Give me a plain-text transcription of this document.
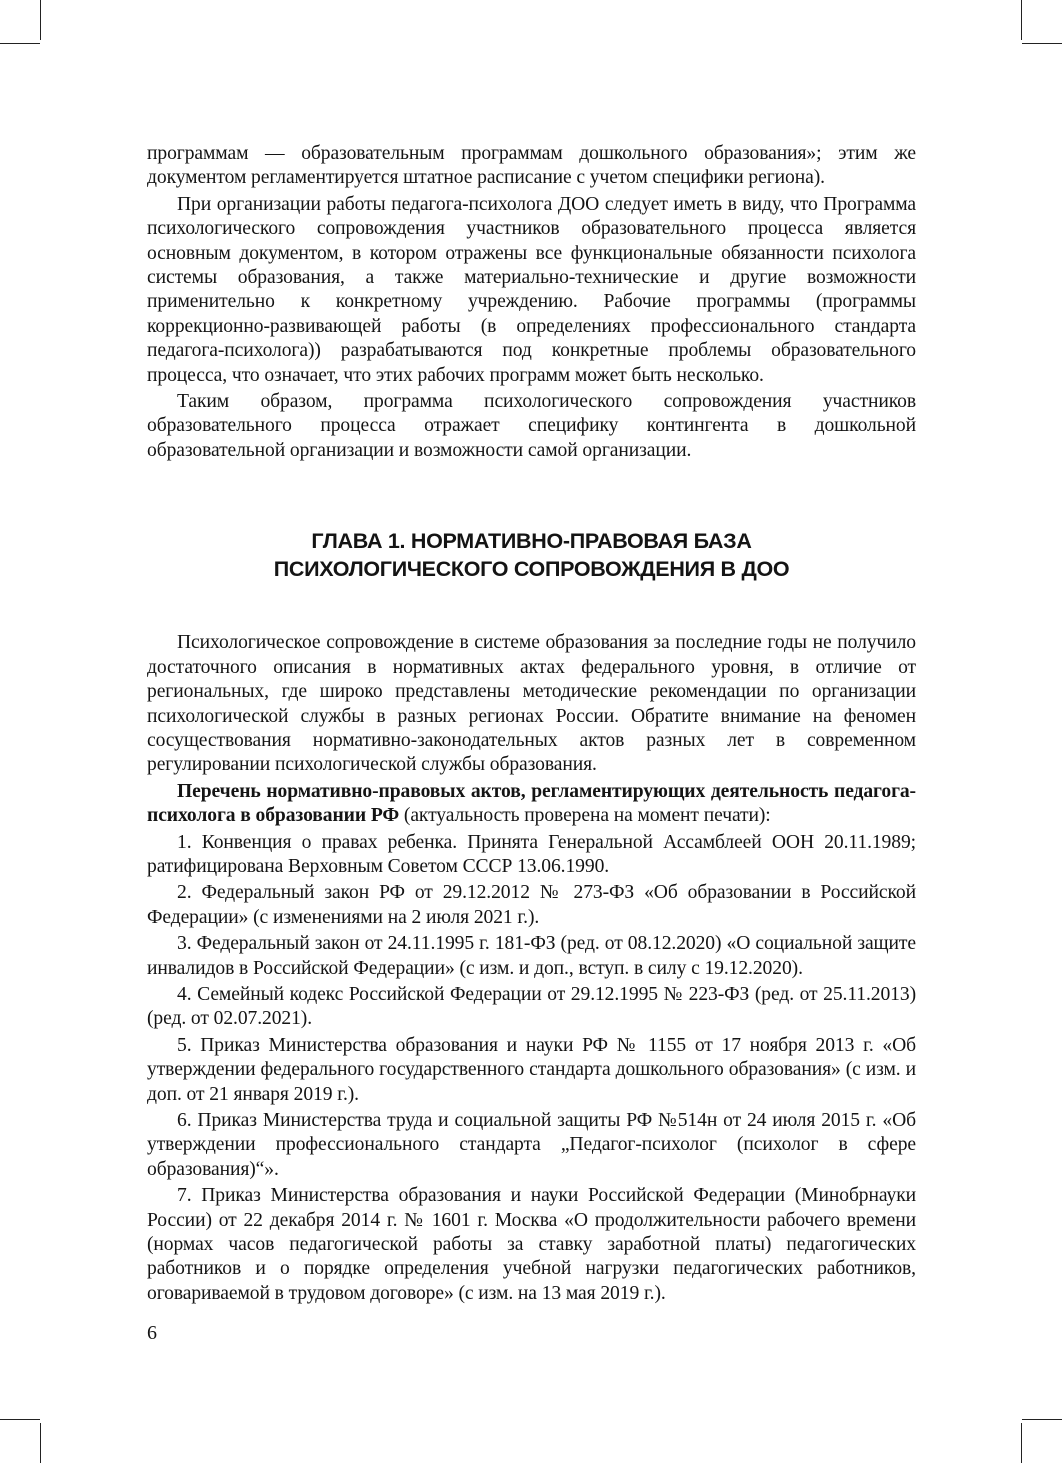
программам — образовательным программам дошкольного образования»; этим же документом регламентируется штатное расписание с учетом специфики региона).

При организации работы педагога-психолога ДОО следует иметь в виду, что Программа психологического сопровождения участников образовательного процесса является основным документом, в котором отражены все функциональные обязанности психолога системы образования, а также материально-технические и другие возможности применительно к конкретному учреждению. Рабочие программы (программы коррекционно-развивающей работы (в определениях профессионального стандарта педагога-психолога)) разрабатываются под конкретные проблемы образовательного процесса, что означает, что этих рабочих программ может быть несколько.

Таким образом, программа психологического сопровождения участников образовательного процесса отражает специфику контингента в дошкольной образовательной организации и возможности самой организации.

ГЛАВА 1. НОРМАТИВНО-ПРАВОВАЯ БАЗА
ПСИХОЛОГИЧЕСКОГО СОПРОВОЖДЕНИЯ В ДОО

Психологическое сопровождение в системе образования за последние годы не получило достаточного описания в нормативных актах федерального уровня, в отличие от региональных, где широко представлены методические рекомендации по организации психологической службы в разных регионах России. Обратите внимание на феномен сосуществования нормативно-законодательных актов разных лет в современном регулировании психологической службы образования.

Перечень нормативно-правовых актов, регламентирующих деятельность педагога-психолога в образовании РФ (актуальность проверена на момент печати):

1. Конвенция о правах ребенка. Принята Генеральной Ассамблеей ООН 20.11.1989; ратифицирована Верховным Советом СССР 13.06.1990.

2. Федеральный закон РФ от 29.12.2012 № 273-ФЗ «Об образовании в Российской Федерации» (с изменениями на 2 июля 2021 г.).

3. Федеральный закон от 24.11.1995 г. 181-ФЗ (ред. от 08.12.2020) «О социальной защите инвалидов в Российской Федерации» (с изм. и доп., вступ. в силу с 19.12.2020).

4. Семейный кодекс Российской Федерации от 29.12.1995 № 223-ФЗ (ред. от 25.11.2013) (ред. от 02.07.2021).

5. Приказ Министерства образования и науки РФ № 1155 от 17 ноября 2013 г. «Об утверждении федерального государственного стандарта дошкольного образования» (с изм. и доп. от 21 января 2019 г.).

6. Приказ Министерства труда и социальной защиты РФ №514н от 24 июля 2015 г. «Об утверждении профессионального стандарта „Педагог-психолог (психолог в сфере образования)“».

7. Приказ Министерства образования и науки Российской Федерации (Минобрнауки России) от 22 декабря 2014 г. № 1601 г. Москва «О продолжительности рабочего времени (нормах часов педагогической работы за ставку заработной платы) педагогических работников и о порядке определения учебной нагрузки педагогических работников, оговариваемой в трудовом договоре» (с изм. на 13 мая 2019 г.).

6
